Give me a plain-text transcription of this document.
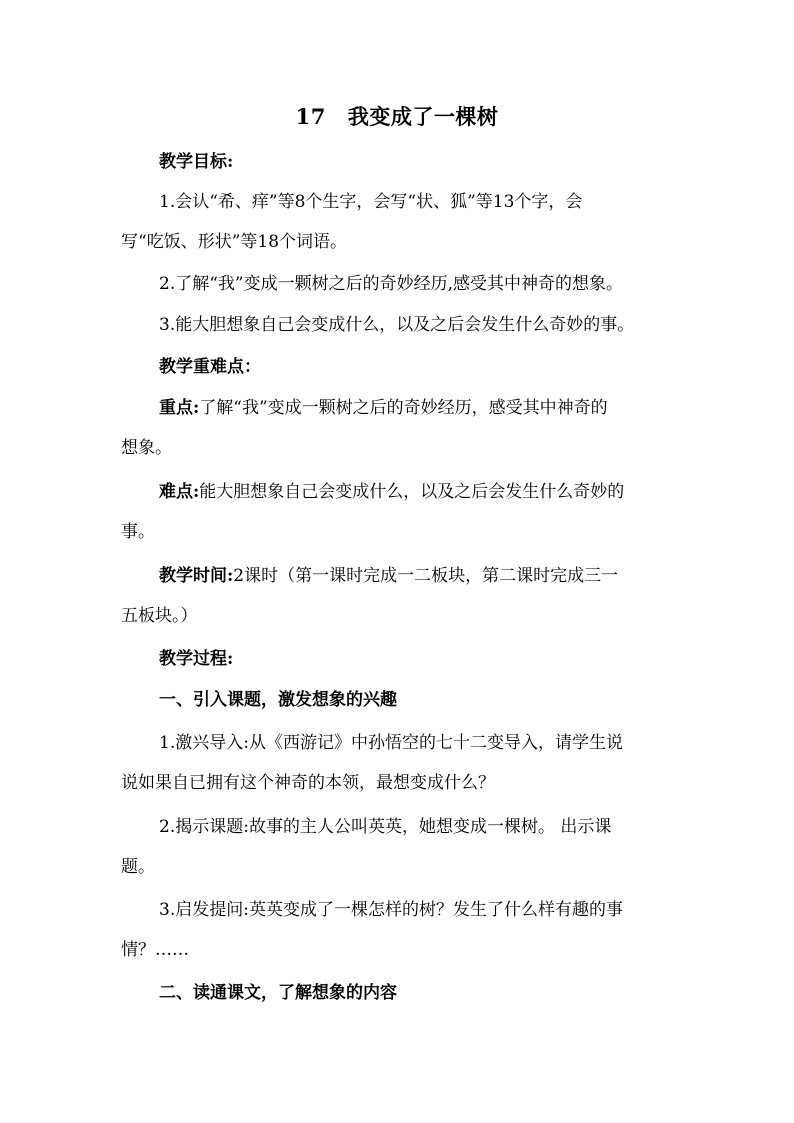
17 我变成了一棵树
教学目标:
1.会认“希、痒”等8个生字，会写“状、狐”等13个字，会
写“吃饭、形状”等18个词语。
2.了解“我”变成一颗树之后的奇妙经历,感受其中神奇的想象。
3.能大胆想象自己会变成什么，以及之后会发生什么奇妙的事。
教学重难点：
重点:了解“我”变成一颗树之后的奇妙经历，感受其中神奇的
想象。
难点:能大胆想象自己会变成什么，以及之后会发生什么奇妙的
事。
教学时间:2课时（第一课时完成一二板块，第二课时完成三一
五板块。）
教学过程:
一、引入课题，激发想象的兴趣
1.激兴导入:从《西游记》中孙悟空的七十二变导入，请学生说
说如果自已拥有这个神奇的本领，最想变成什么？
2.揭示课题:故事的主人公叫英英，她想变成一棵树。 出示课
题。
3.启发提问:英英变成了一棵怎样的树？发生了什么样有趣的事
情？……
二、读通课文，了解想象的内容
